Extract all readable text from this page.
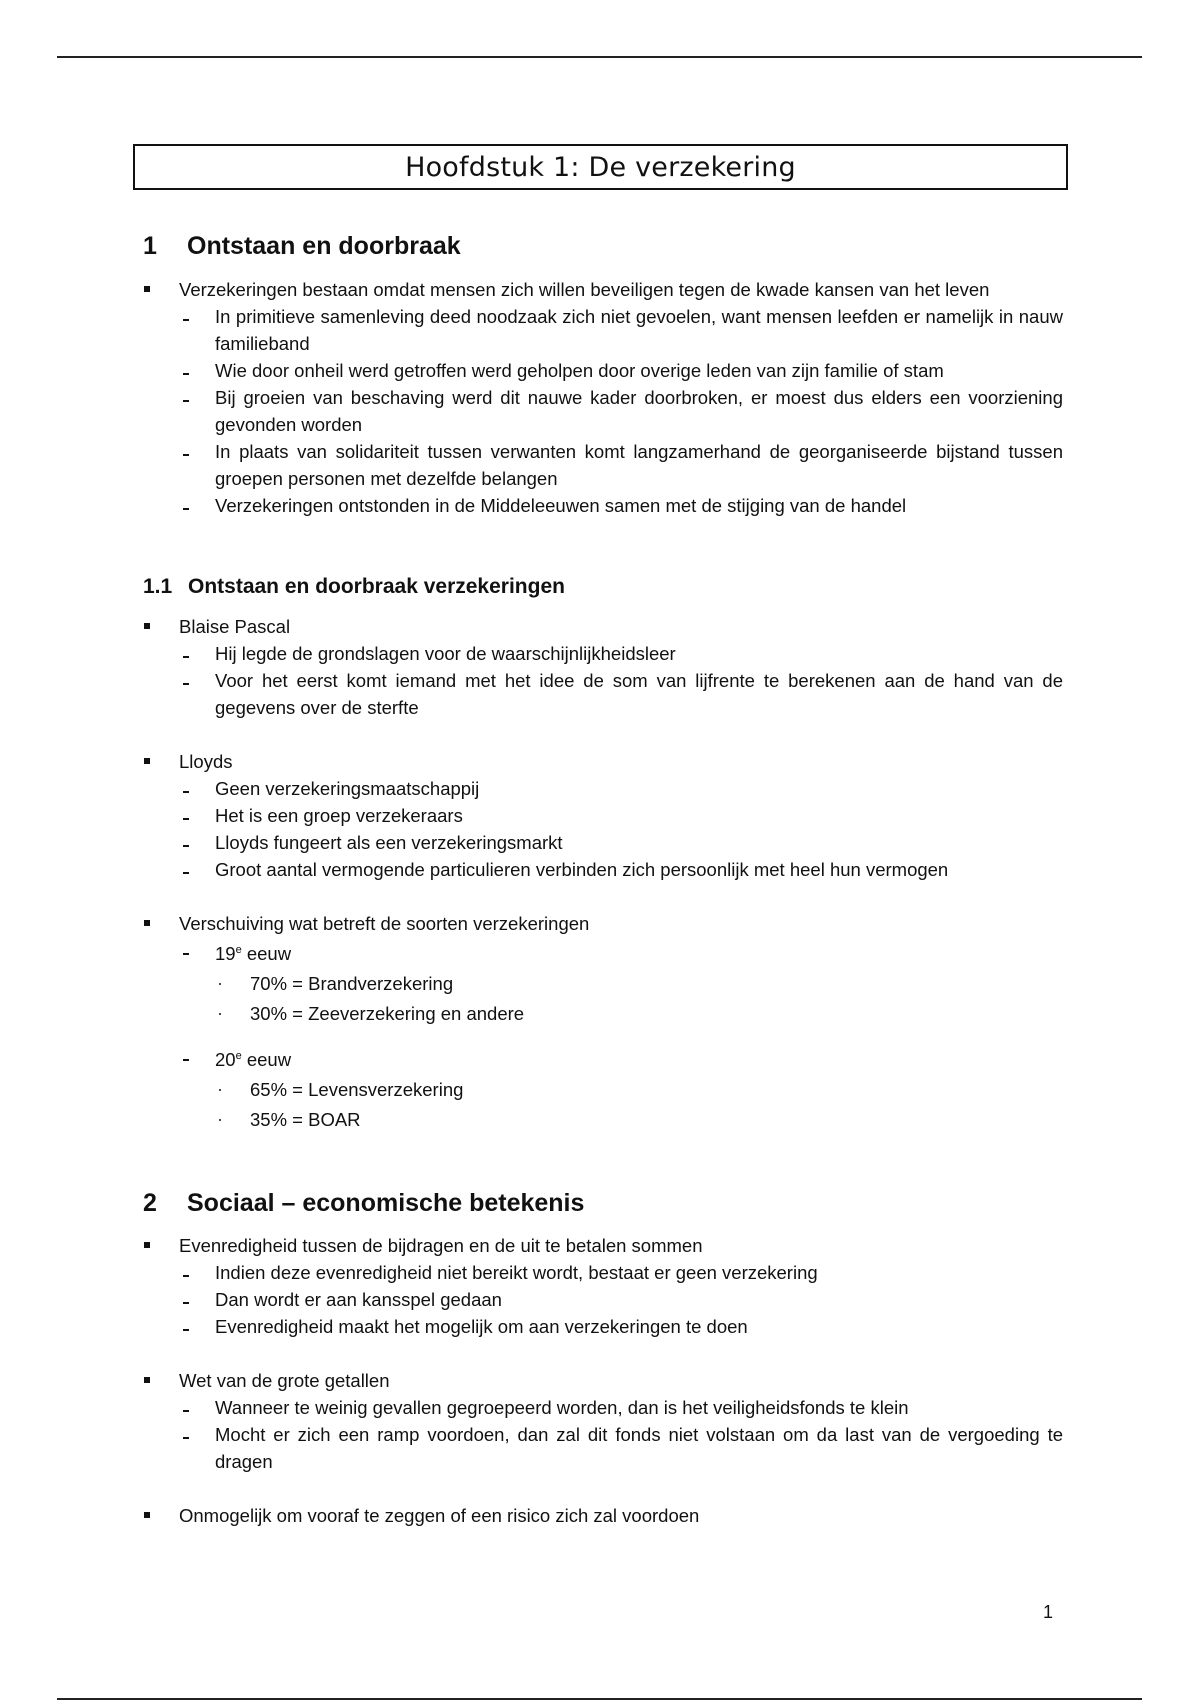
Hoofdstuk 1: De verzekering
1	Ontstaan en doorbraak
Verzekeringen bestaan omdat mensen zich willen beveiligen tegen de kwade kansen van het leven
In primitieve samenleving deed noodzaak zich niet gevoelen, want mensen leefden er namelijk in nauw familieband
Wie door onheil werd getroffen werd geholpen door overige leden van zijn familie of stam
Bij groeien van beschaving werd dit nauwe kader doorbroken, er moest dus elders een voorziening gevonden worden
In plaats van solidariteit tussen verwanten komt langzamerhand de georganiseerde bijstand tussen groepen personen met dezelfde belangen
Verzekeringen ontstonden in de Middeleeuwen samen met de stijging van de handel
1.1 Ontstaan en doorbraak verzekeringen
Blaise Pascal
Hij legde de grondslagen voor de waarschijnlijkheidsleer
Voor het eerst komt iemand met het idee de som van lijfrente te berekenen aan de hand van de gegevens over de sterfte
Lloyds
Geen verzekeringsmaatschappij
Het is een groep verzekeraars
Lloyds fungeert als een verzekeringsmarkt
Groot aantal vermogende particulieren verbinden zich persoonlijk met heel hun vermogen
Verschuiving wat betreft de soorten verzekeringen
19e eeuw
70% = Brandverzekering
30% = Zeeverzekering en andere
20e eeuw
65% = Levensverzekering
35% = BOAR
2	Sociaal – economische betekenis
Evenredigheid tussen de bijdragen en de uit te betalen sommen
Indien deze evenredigheid niet bereikt wordt, bestaat er geen verzekering
Dan wordt er aan kansspel gedaan
Evenredigheid maakt het mogelijk om aan verzekeringen te doen
Wet van de grote getallen
Wanneer te weinig gevallen gegroepeerd worden, dan is het veiligheidsfonds te klein
Mocht er zich een ramp voordoen, dan zal dit fonds niet volstaan om da last van de vergoeding te dragen
Onmogelijk om vooraf te zeggen of een risico zich zal voordoen
1
